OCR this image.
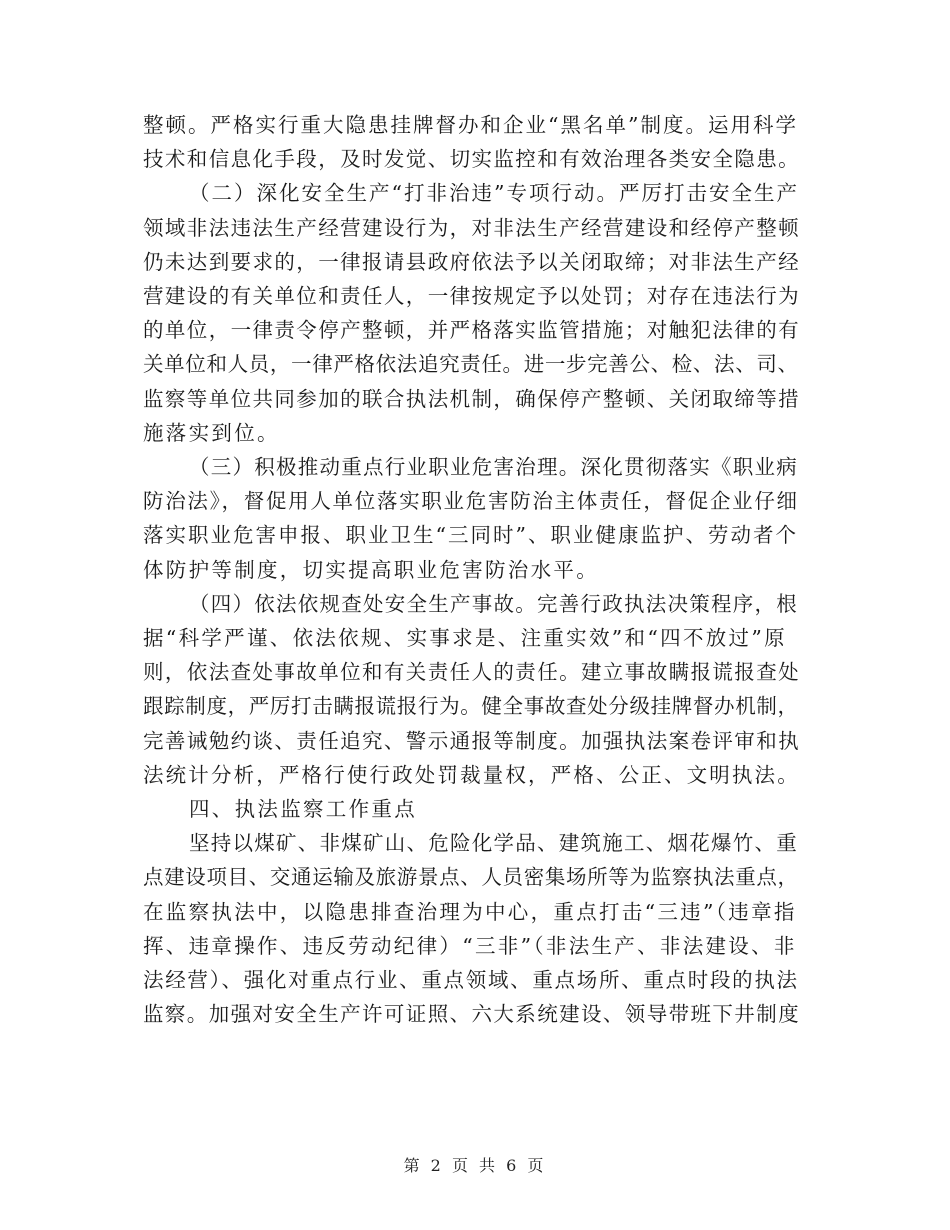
整顿。严格实行重大隐患挂牌督办和企业“黑名单”制度。运用科学
技术和信息化手段，及时发觉、切实监控和有效治理各类安全隐患。

（二）深化安全生产“打非治违”专项行动。严厉打击安全生产
领域非法违法生产经营建设行为，对非法生产经营建设和经停产整顿
仍未达到要求的，一律报请县政府依法予以关闭取缔；对非法生产经
营建设的有关单位和责任人，一律按规定予以处罚；对存在违法行为
的单位，一律责令停产整顿，并严格落实监管措施；对触犯法律的有
关单位和人员，一律严格依法追究责任。进一步完善公、检、法、司、
监察等单位共同参加的联合执法机制，确保停产整顿、关闭取缔等措
施落实到位。

（三）积极推动重点行业职业危害治理。深化贯彻落实《职业病
防治法》，督促用人单位落实职业危害防治主体责任，督促企业仔细
落实职业危害申报、职业卫生“三同时”、职业健康监护、劳动者个
体防护等制度，切实提高职业危害防治水平。

（四）依法依规查处安全生产事故。完善行政执法决策程序，根
据“科学严谨、依法依规、实事求是、注重实效”和“四不放过”原
则，依法查处事故单位和有关责任人的责任。建立事故瞒报谎报查处
跟踪制度，严厉打击瞒报谎报行为。健全事故查处分级挂牌督办机制，
完善诫勉约谈、责任追究、警示通报等制度。加强执法案卷评审和执
法统计分析，严格行使行政处罚裁量权，严格、公正、文明执法。

四、执法监察工作重点

坚持以煤矿、非煤矿山、危险化学品、建筑施工、烟花爆竹、重
点建设项目、交通运输及旅游景点、人员密集场所等为监察执法重点，
在监察执法中，以隐患排查治理为中心，重点打击“三违”（违章指
挥、违章操作、违反劳动纪律）“三非”（非法生产、非法建设、非
法经营）、强化对重点行业、重点领域、重点场所、重点时段的执法
监察。加强对安全生产许可证照、六大系统建设、领导带班下井制度

第 2 页 共 6 页
